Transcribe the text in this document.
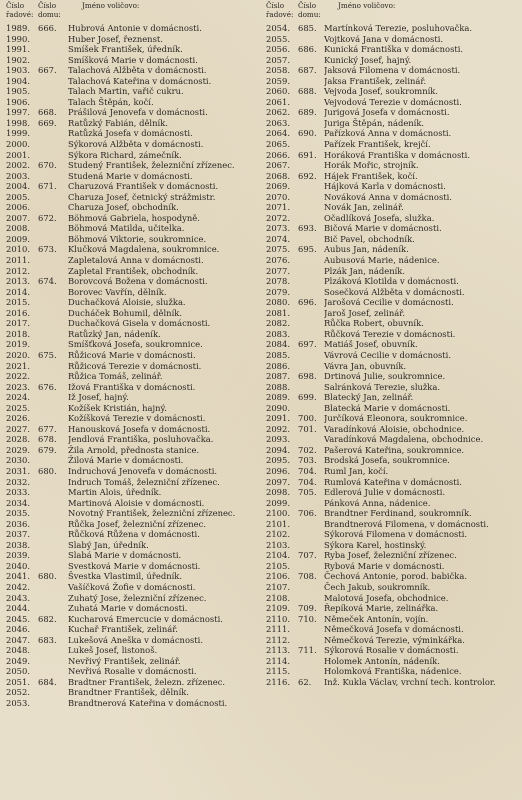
Číslo
řadové:
Číslo
domu:
Jméno voličovo:
1989. 666.	Hubrová Antonie v domácnosti.
1990.	Huber Josef, řeznenst.
1991.	Smíšek František, úředník.
1902.	Smíšková Marie v domácnosti.
1903. 667.	Talachová Alžběta v domácnosti.
1904.	Talachová Kateřina v domácnosti.
1905.	Talach Martin, vařič cukru.
1906.	Talach Štěpán, kočí.
1997. 668.	Prášilová Jenovefa v domácnosti.
1998. 669.	Ratůzký Fabián, dělník.
1999.	Ratůzká Josefa v domácnosti.
2000.	Sýkorová Alžběta v domácnosti.
2001.	Sýkora Richard, zámečník.
2002. 670.	Studený František, železniční zřízenec.
2003.	Studená Marie v domácnosti.
2004. 671.	Charuzová František v domácnosti.
2005.	Charuza Josef, četnický strážmistr.
2006.	Charuza Josef, obchodník.
2007. 672.	Böhmová Gabriela, hospodyně.
2008.	Böhmová Matilda, učitelka.
2009.	Böhmová Viktorie, soukromnice.
2010. 673.	Klučková Magdalena, soukromnice.
2011.	Zapletalová Anna v domácnosti.
2012.	Zapletal František, obchodník.
2013. 674.	Borovcová Božena v domácnosti.
2014.	Borovec Vavřín, dělník.
2015.	Duchačková Aloisie, služka.
2016.	Ducháček Bohumil, dělník.
2017.	Duchačková Gisela v domácnosti.
2018.	Ratůzký Jan, nádeník.
2019.	Smíšťková Josefa, soukromnice.
2020. 675.	Růžicová Marie v domácnosti.
2021.	Růžicová Terezie v domácnosti.
2022.	Růžica Tomáš, zelinář.
2023. 676.	Ižová Františka v domácnosti.
2024.	Iž Josef, hajný.
2025.	Kožíšek Kristián, hajný.
2026.	Kožíšková Terezie v domácnosti.
2027. 677.	Hanousková Josefa v domácnosti.
2028. 678.	Jendlová Františka, posluhovačka.
2029. 679.	Žila Arnold, přednosta stanice.
2030.	Žilová Marie v domácnosti.
2031. 680.	Indruchová Jenovefa v domácnosti.
2032.	Indruch Tomáš, železniční zřízenec.
2033.	Martin Alois, úředník.
2034.	Martinová Aloisie v domácnosti.
2035.	Novotný František, železniční zřízenec.
2036.	Růčka Josef, železniční zřízenec.
2037.	Růčková Růžena v domácnosti.
2038.	Slabý Jan, úředník.
2039.	Slabá Marie v domácnosti.
2040.	Svestková Marie v domácnosti.
2041. 680.	Švestka Vlastimil, úředník.
2042.	Vašíčková Žofie v domácnosti.
2043.	Zuhatý Jose, železniční zřízenec.
2044.	Zuhatá Marie v domácnosti.
2045. 682.	Kucharová Emercucie v domácnosti.
2046.	Kuchař František, zelinář.
2047. 683.	Lukešová Aneška v domácnosti.
2048.	Lukeš Josef, listonoš.
2049.	Nevřivý František, zelinář.
2050.	Nevřivá Rosalie v domácnosti.
2051. 684.	Bradtner František, železn. zřízenec.
2052.	Brandtner František, dělník.
2053.	Brandtnerová Kateřina v domácnosti.
Číslo
řadové:
Číslo
domu:
Jméno voličovo:
2054. 685. Martínková Terezie, posluhovačka.
2055.	Vojtková Jana v domácnosti.
2056. 686. Kunická Františka v domácnosti.
2057.	Kunický Josef, hajný.
2058. 687. Jaksová Filomena v domácnosti.
2059.	Jaksa František, zelinář.
2060. 688. Vejvoda Josef, soukromník.
2061.	Vejvodová Terezie v domácnosti.
2062. 689. Jurigová Josefa v domácnosti.
2063.	Juriga Štěpán, nádeník.
2064. 690. Pařízková Anna v domácnosti.
2065.	Pařízek František, krejčí.
2066. 691. Horáková Františka v domácnosti.
2067.	Horák Mořic, strojník.
2068. 692. Hájek František, kočí.
2069.	Hájková Karla v domácnosti.
2070.	Nováková Anna v domácnosti.
2071.	Novák Jan, zelinář.
2072.	Očadlíková Josefa, služka.
2073. 693. Bičová Marie v domácnosti.
2074.	Bič Pavel, obchodník.
2075. 695. Aubus Jan, nádeník.
2076.	Aubusová Marie, nádenice.
2077.	Plzák Jan, nádeník.
2078.	Plzáková Klotilda v domácnosti.
2079.	Sosečková Alžběta v domácnosti.
2080. 696. Jarošová Cecilie v domácnosti.
2081.	Jaroš Josef, zelinář.
2082.	Růčka Robert, obuvník.
2083.	Růčková Terezie v domácnosti.
2084. 697. Matiáš Josef, obuvník.
2085.	Vávrová Cecilie v domácnosti.
2086.	Vávra Jan, obuvník.
2087. 698. Drtinová Julie, soukromnice.
2088.	Salránková Terezie, služka.
2089. 699. Blatecký Jan, zelinář.
2090.	Blatecká Marie v domácnosti.
2091. 700. Jurčíková Eleonora, soukromnice.
2092. 701. Varadínková Aloisie, obchodnice.
2093.	Varadínková Magdalena, obchodnice.
2094. 702. Pašerová Kateřina, soukromnice.
2095. 703. Brodská Josefa, soukromnice.
2096. 704. Ruml Jan, kočí.
2097. 704. Rumlová Kateřina v domácnosti.
2098. 705. Edlerová Julie v domácnosti.
2099.	Pánková Anna, nádenice.
2100. 706. Brandtner Ferdinand, soukromník.
2101.	Brandtnerová Filomena, v domácnosti.
2102.	Sýkorová Filomena v domácnosti.
2103.	Sýkora Karel, hostinský.
2104. 707. Ryba Josef, železniční zřízenec.
2105.	Rybová Marie v domácnosti.
2106. 708. Čechová Antonie, porod. babička.
2107.	Čech Jakub, soukromník.
2108.	Malotová Josefa, obchodnice.
2109. 709. Řepíková Marie, zelinářka.
2110. 710. Němeček Antonín, vojín.
2111.	Němečková Josefa v domácnosti.
2112.	Němečková Terezie, výminkářka.
2113. 711. Sýkorová Rosalie v domácnosti.
2114.	Holomek Antonín, nádeník.
2115.	Holomková Františka, nádenice.
2116. 62.	Inž. Kukla Václav, vrchní tech. kontrolor.
